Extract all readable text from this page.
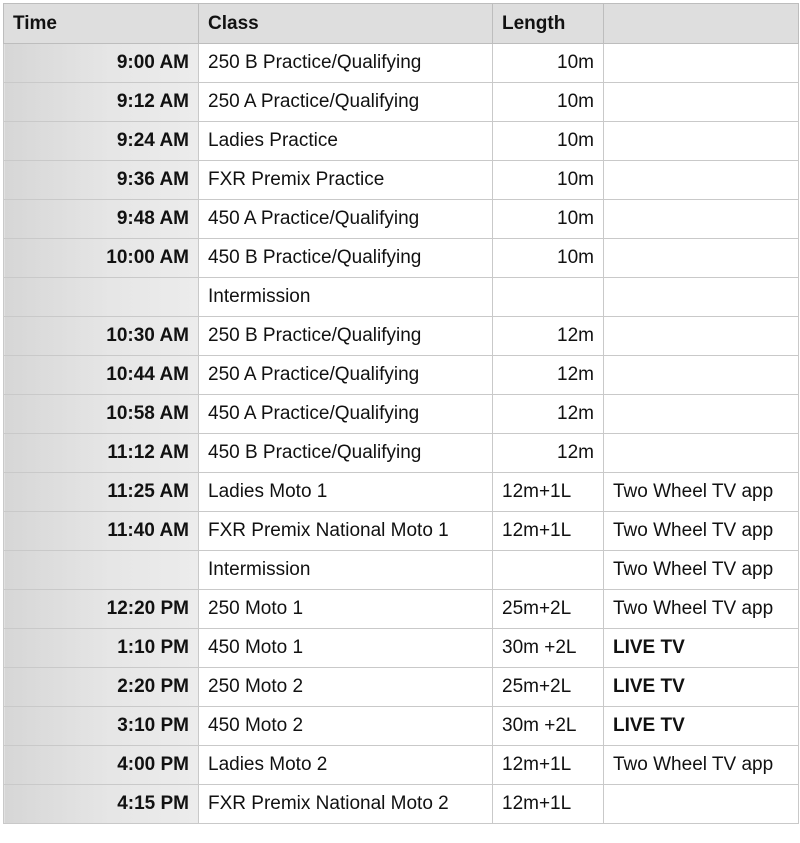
Time	Class	Length	
9:00 AM	250 B Practice/Qualifying	10m	
9:12 AM	250 A Practice/Qualifying	10m	
9:24 AM	Ladies Practice	10m	
9:36 AM	FXR Premix Practice	10m	
9:48 AM	450 A Practice/Qualifying	10m	
10:00 AM	450 B Practice/Qualifying	10m	
	Intermission		
10:30 AM	250 B Practice/Qualifying	12m	
10:44 AM	250 A Practice/Qualifying	12m	
10:58 AM	450 A Practice/Qualifying	12m	
11:12 AM	450 B Practice/Qualifying	12m	
11:25 AM	Ladies Moto 1	12m+1L	Two Wheel TV app
11:40 AM	FXR Premix National Moto 1	12m+1L	Two Wheel TV app
	Intermission		Two Wheel TV app
12:20 PM	250 Moto 1	25m+2L	Two Wheel TV app
1:10 PM	450 Moto 1	30m +2L	LIVE TV
2:20 PM	250 Moto 2	25m+2L	LIVE TV
3:10 PM	450 Moto 2	30m +2L	LIVE TV
4:00 PM	Ladies Moto 2	12m+1L	Two Wheel TV app
4:15 PM	FXR Premix National Moto 2	12m+1L	
